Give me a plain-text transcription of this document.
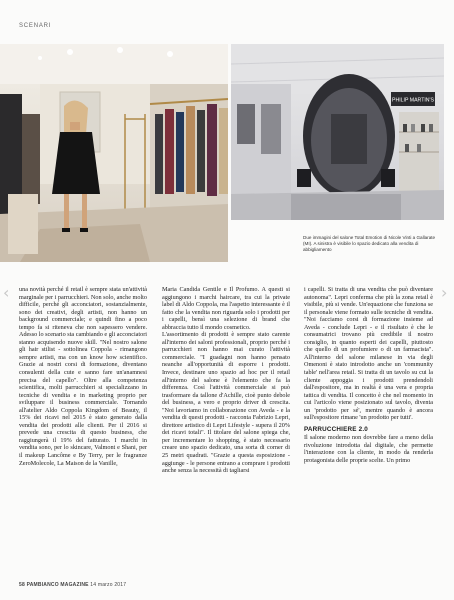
SCENARI
PHILIP MARTIN'S
Due immagini del salone Total Emotion di Nicole Vinti a Gallarate (MI). A sinistra è visibile lo spazio dedicato alla vendita di abbigliamento
‹	›

una novità perché il retail è sempre stata un'attività marginale per i parrucchieri. Non solo, anche molto difficile, perché gli acconciatori, sostanzialmente, sono dei creativi, degli artisti, non hanno un background commerciale; e quindi fino a poco tempo fa si riteneva che non sapessero vendere. Adesso lo scenario sta cambiando e gli acconciatori stanno acquisendo nuove skill. "Nel nostro salone gli hair stilist - sottolinea Coppola - rimangono sempre artisti, ma con un know how scientifico. Grazie ai nostri corsi di formazione, diventano consulenti della cute e sanno fare un'anamnesi precisa del capello". Oltre alla competenza scientifica, molti parrucchieri si specializzano in tecniche di vendita e in marketing proprio per sviluppare il business commerciale. Tornando all'atelier Aldo Coppola Kingdom of Beauty, il 15% dei ricavi nel 2015 è stato generato dalla vendita dei prodotti alle clienti. Per il 2016 si prevede una crescita di questo business, che raggiungerà il 19% del fatturato. I marchi in vendita sono, per lo skincare, Valmont e Shani, per il makeup Lancôme e By Terry, per le fragranze ZeroMolecole, La Maison de la Vanille,

Maria Candida Gentile e Il Profumo. A questi si aggiungono i marchi haircare, tra cui la private label di Aldo Coppola, ma l'aspetto interessante è il fatto che la vendita non riguarda solo i prodotti per i capelli, bensì una selezione di brand che abbraccia tutto il mondo cosmetico.

L'assortimento di prodotti è sempre stato carente all'interno dei saloni professionali, proprio perché i parrucchieri non hanno mai curato l'attività commerciale. "I guadagni non hanno pensato neanche all'opportunità di esporre i prodotti. Invece, destinare uno spazio ad hoc per il retail all'interno del salone è l'elemento che fa la differenza. Così l'attività commerciale si può trasformare da tallone d'Achille, cioè punto debole del business, a vero e proprio driver di crescita. "Noi lavoriamo in collaborazione con Aveda - e la vendita di questi prodotti - racconta Fabrizio Lepri, direttore artistico di Lepri Lifestyle - supera il 20% dei ricavi totali". Il titolare del salone spiega che, per incrementare lo shopping, è stato necessario creare uno spazio dedicato, una sorta di corner di 25 metri quadrati. "Grazie a questa esposizione - aggiunge - le persone entrano a comprare i prodotti anche senza la necessità di tagliarsi

i capelli. Si tratta di una vendita che può diventare autonoma". Lepri conferma che più la zona retail è visibile, più si vende. Un'equazione che funziona se il personale viene formato sulle tecniche di vendita. "Noi facciamo corsi di formazione insieme ad Aveda - conclude Lepri - e il risultato è che le consumatrici trovano più credibile il nostro consiglio, in quanto esperti dei capelli, piuttosto che quello di un profumiere o di un farmacista". All'interno del salone milanese in via degli Omenoni è stato introdotto anche un 'community table' nell'area retail. Si tratta di un tavolo su cui la cliente appoggia i prodotti prendendoli dall'espositore, ma in realtà è una vera e propria tattica di vendita. Il concetto è che nel momento in cui l'articolo viene posizionato sul tavolo, diventa un 'prodotto per sé', mentre quando è ancora sull'espositore rimane 'un prodotto per tutti'.

PARRUCCHIERE 2.0

Il salone moderno non dovrebbe fare a meno della rivoluzione introdotta dal digitale, che permette l'interazione con la cliente, in modo da renderla protagonista delle proprie scelte. Un primo

58 PAMBIANCO MAGAZINE 14 marzo 2017
